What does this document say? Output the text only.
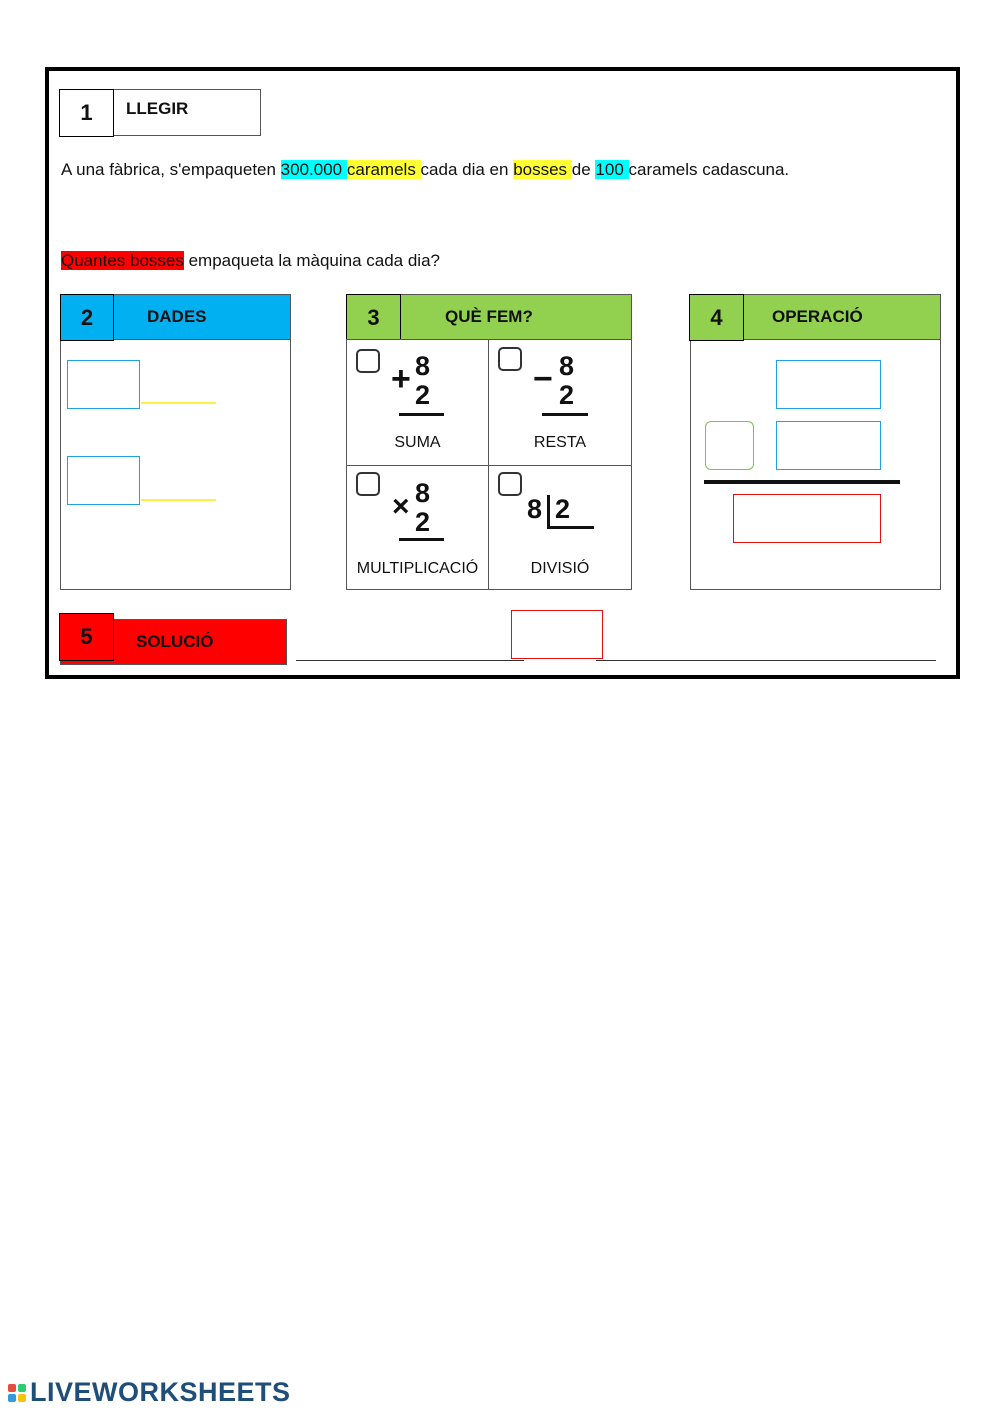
LLEGIR
1
A una fàbrica, s'empaqueten 300.000 caramels cada dia en bosses de 100 caramels cadascuna.
Quantes bosses empaqueta la màquina cada dia?
DADES
2	QUÈ FEM?
3
+ 8
2
SUMA
− 8
2
RESTA
× 8
2
MULTIPLICACIÓ
8 2
DIVISIÓ
OPERACIÓ
4
SOLUCIÓ
5
LIVEWORKSHEETS
